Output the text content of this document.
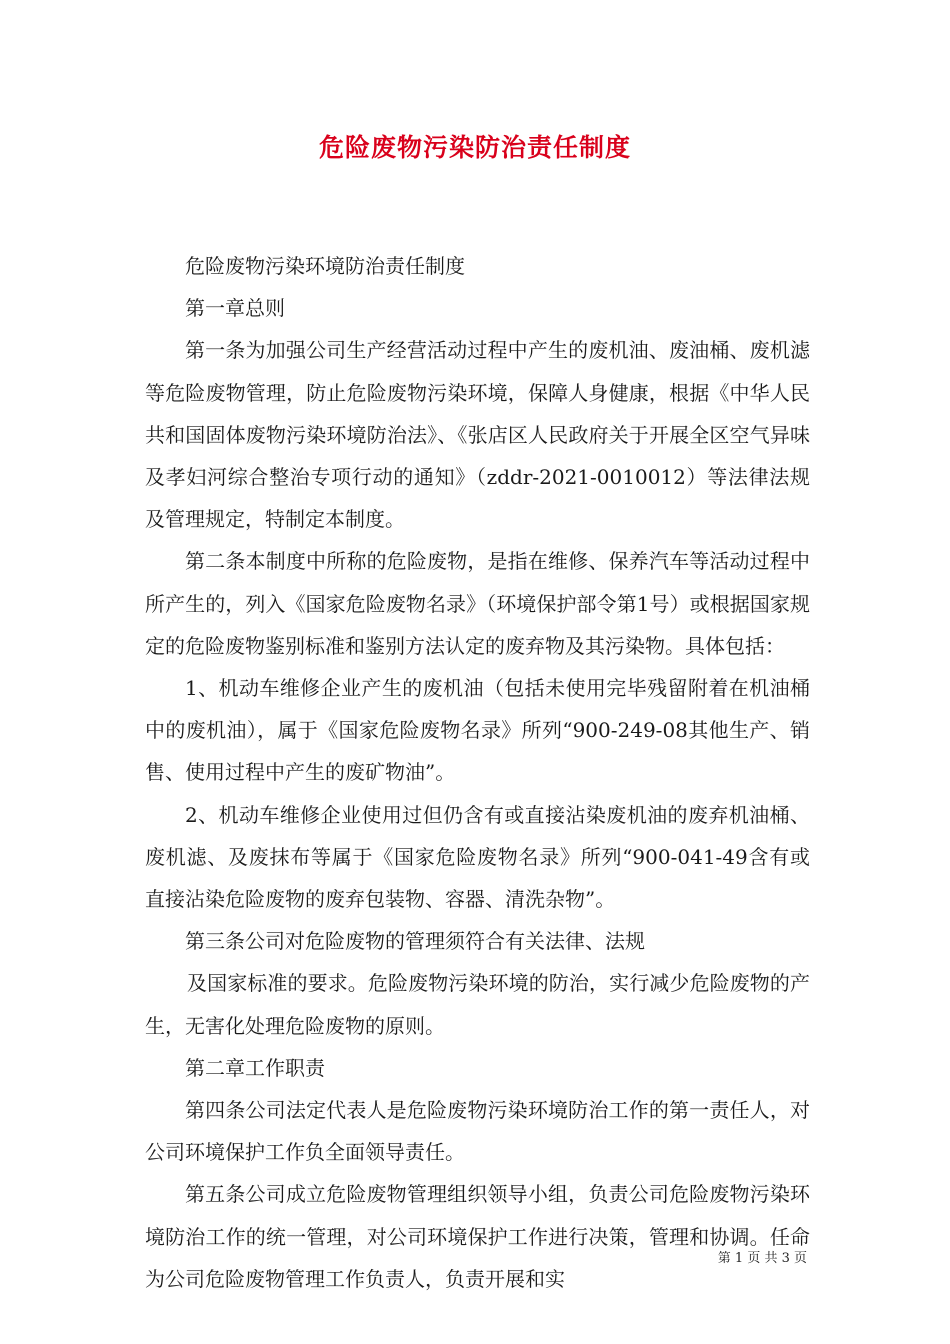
危险废物污染防治责任制度

危险废物污染环境防治责任制度

第一章总则

第一条为加强公司生产经营活动过程中产生的废机油、废油桶、废机滤等危险废物管理，防止危险废物污染环境，保障人身健康，根据《中华人民共和国固体废物污染环境防治法》、《张店区人民政府关于开展全区空气异味及孝妇河综合整治专项行动的通知》（zddr-2021-0010012）等法律法规及管理规定，特制定本制度。

第二条本制度中所称的危险废物，是指在维修、保养汽车等活动过程中所产生的，列入《国家危险废物名录》（环境保护部令第1号）或根据国家规定的危险废物鉴别标准和鉴别方法认定的废弃物及其污染物。具体包括：

1、机动车维修企业产生的废机油（包括未使用完毕残留附着在机油桶中的废机油），属于《国家危险废物名录》所列“900-249-08其他生产、销售、使用过程中产生的废矿物油”。

2、机动车维修企业使用过但仍含有或直接沾染废机油的废弃机油桶、废机滤、及废抹布等属于《国家危险废物名录》所列“900-041-49含有或直接沾染危险废物的废弃包装物、容器、清洗杂物”。

第三条公司对危险废物的管理须符合有关法律、法规

及国家标准的要求。危险废物污染环境的防治，实行减少危险废物的产生，无害化处理危险废物的原则。

第二章工作职责

第四条公司法定代表人是危险废物污染环境防治工作的第一责任人，对公司环境保护工作负全面领导责任。

第五条公司成立危险废物管理组织领导小组，负责公司危险废物污染环境防治工作的统一管理，对公司环境保护工作进行决策，管理和协调。任命为公司危险废物管理工作负责人，负责开展和实

第 1 页 共 3 页
